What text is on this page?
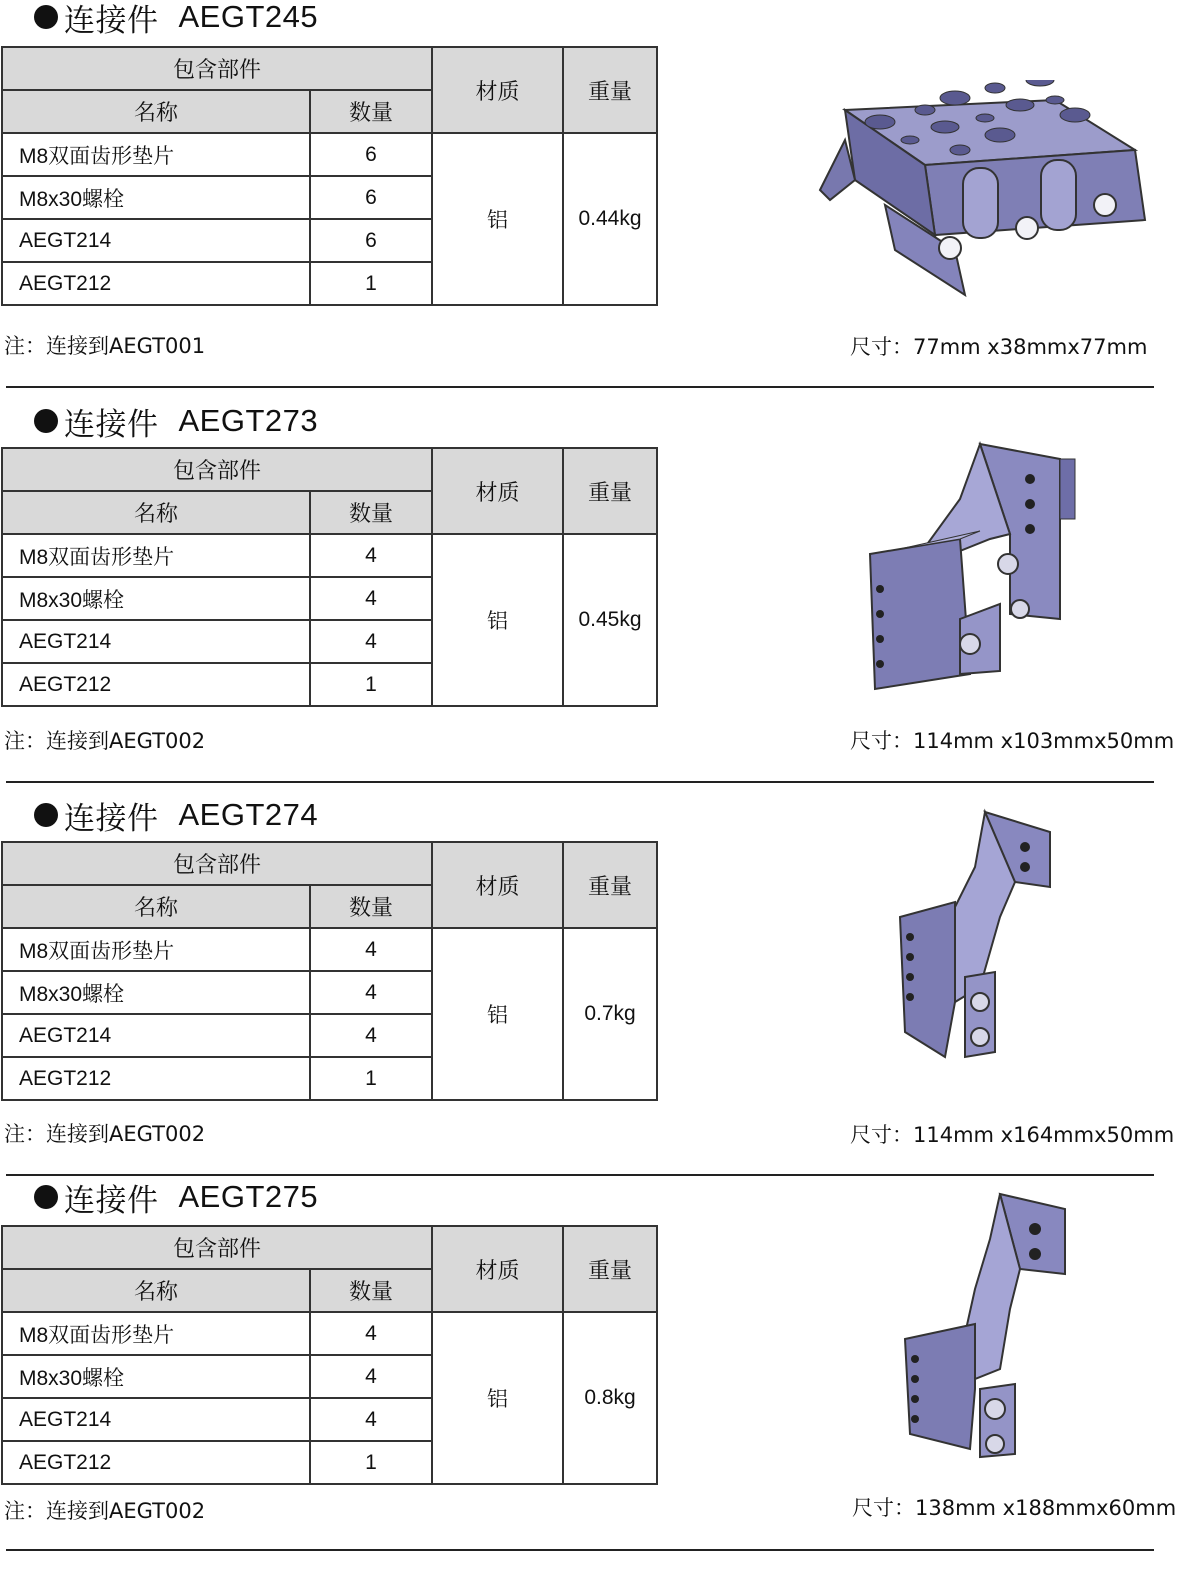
连接件 AEGT245
包含部件		材质	重量
名称	数量		
M8双面齿形垫片	6	铝	0.44kg
M8x30螺栓	6		
AEGT214	6		
AEGT212	1		
注：连接到AEGT001	尺寸：77mm x38mmx77mm
连接件 AEGT273
包含部件		材质	重量
名称	数量		
M8双面齿形垫片	4	铝	0.45kg
M8x30螺栓	4		
AEGT214	4		
AEGT212	1		
注：连接到AEGT002	尺寸：114mm x103mmx50mm
连接件 AEGT274
包含部件		材质	重量
名称	数量		
M8双面齿形垫片	4	铝	0.7kg
M8x30螺栓	4		
AEGT214	4		
AEGT212	1		
注：连接到AEGT002	尺寸：114mm x164mmx50mm
连接件 AEGT275
包含部件		材质	重量
名称	数量		
M8双面齿形垫片	4	铝	0.8kg
M8x30螺栓	4		
AEGT214	4		
AEGT212	1		
注：连接到AEGT002	尺寸：138mm x188mmx60mm
